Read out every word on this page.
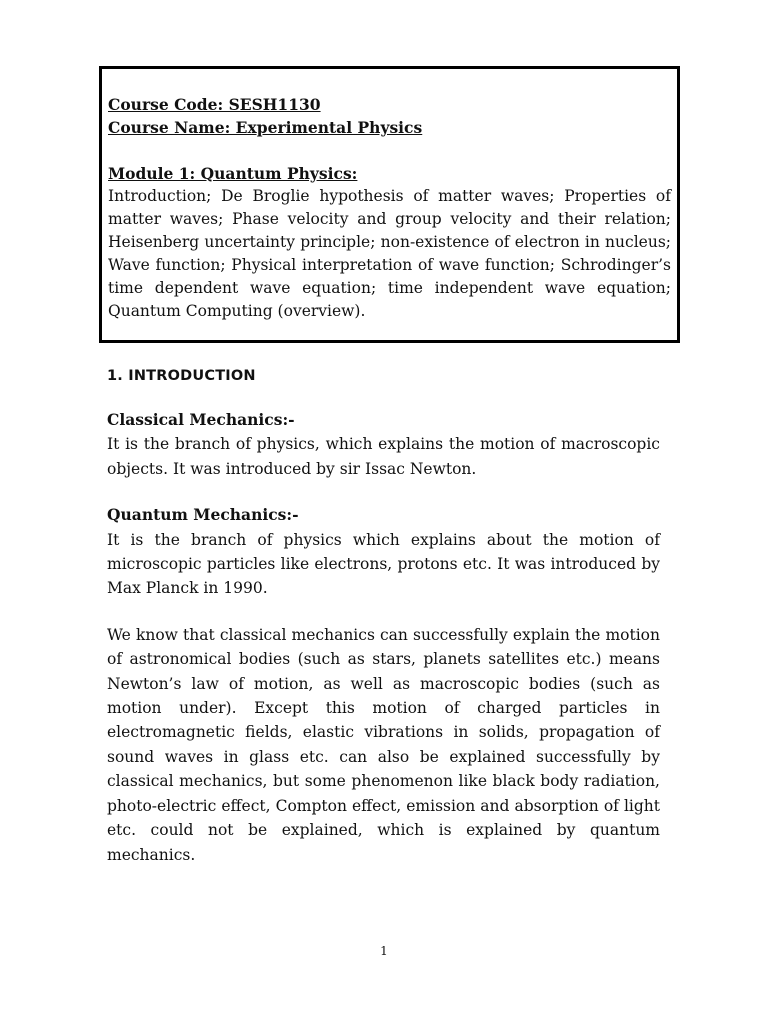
Course Code: SESH1130
Course Name: Experimental Physics
Module 1: Quantum Physics:
Introduction; De Broglie hypothesis of matter waves; Properties of matter waves; Phase velocity and group velocity and their relation; Heisenberg uncertainty principle; non-existence of electron in nucleus; Wave function; Physical interpretation of wave function; Schrodinger’s time dependent wave equation; time independent wave equation; Quantum Computing (overview).
1. INTRODUCTION
Classical Mechanics:-
It is the branch of physics, which explains the motion of macroscopic objects. It was introduced by sir Issac Newton.
Quantum Mechanics:-
It is the branch of physics which explains about the motion of microscopic particles like electrons, protons etc. It was introduced by Max Planck in 1990.
We know that classical mechanics can successfully explain the motion of astronomical bodies (such as stars, planets satellites etc.) means Newton’s law of motion, as well as macroscopic bodies (such as motion under). Except this motion of charged particles in electromagnetic fields, elastic vibrations in solids, propagation of sound waves in glass etc. can also be explained successfully by classical mechanics, but some phenomenon like black body radiation, photo-electric effect, Compton effect, emission and absorption of light etc. could not be explained, which is explained by quantum mechanics.
1
